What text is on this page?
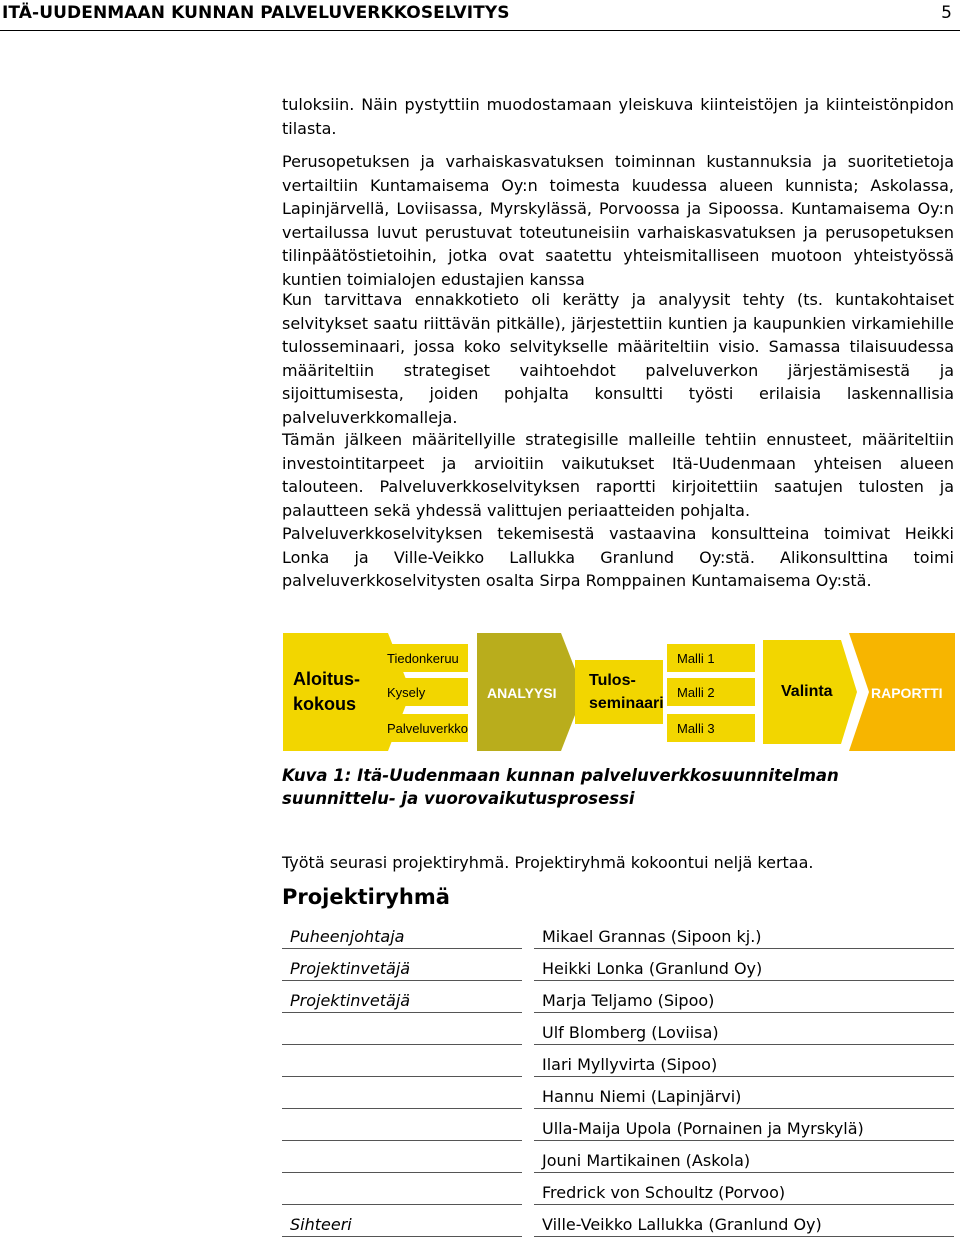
ITÄ-UUDENMAAN KUNNAN PALVELUVERKKOSELVITYS	5

tuloksiin. Näin pystyttiin muodostamaan yleiskuva kiinteistöjen ja kiinteistönpidon tilasta.

Perusopetuksen ja varhaiskasvatuksen toiminnan kustannuksia ja suoritetietoja vertailtiin Kuntamaisema Oy:n toimesta kuudessa alueen kunnista; Askolassa, Lapinjärvellä, Loviisassa, Myrskylässä, Porvoossa ja Sipoossa. Kuntamaisema Oy:n vertailussa luvut perustuvat toteutuneisiin varhaiskasvatuksen ja perusopetuksen tilinpäätöstietoihin, jotka ovat saatettu yhteismitalliseen muotoon yhteistyössä kuntien toimialojen edustajien kanssa

Kun tarvittava ennakkotieto oli kerätty ja analyysit tehty (ts. kuntakohtaiset selvitykset saatu riittävän pitkälle), järjestettiin kuntien ja kaupunkien virkamiehille tulosseminaari, jossa koko selvitykselle määriteltiin visio. Samassa tilaisuudessa määriteltiin strategiset vaihtoehdot palveluverkon järjestämisestä ja sijoittumisesta, joiden pohjalta konsultti työsti erilaisia laskennallisia palveluverkkomalleja.

Tämän jälkeen määritellyille strategisille malleille tehtiin ennusteet, määriteltiin investointitarpeet ja arvioitiin vaikutukset Itä-Uudenmaan yhteisen alueen talouteen. Palveluverkkoselvityksen raportti kirjoitettiin saatujen tulosten ja palautteen sekä yhdessä valittujen periaatteiden pohjalta.

Palveluverkkoselvityksen tekemisestä vastaavina konsultteina toimivat Heikki Lonka ja Ville-Veikko Lallukka Granlund Oy:stä. Alikonsulttina toimi palveluverkkoselvitysten osalta Sirpa Romppainen Kuntamaisema Oy:stä.

Aloitus-
kokous
Tiedonkeruu
Kysely
Palveluverkko
ANALYYSI
Tulos-
seminaari
Malli 1
Malli 2
Malli 3
Valinta	RAPORTTI

Kuva 1: Itä-Uudenmaan kunnan palveluverkkosuunnitelman suunnittelu- ja vuorovaikutusprosessi

Työtä seurasi projektiryhmä. Projektiryhmä kokoontui neljä kertaa.

Projektiryhmä
Puheenjohtaja		Mikael Grannas (Sipoon kj.)
Projektinvetäjä		Heikki Lonka (Granlund Oy)
Projektinvetäjä		Marja Teljamo (Sipoo)
		Ulf Blomberg (Loviisa)
		Ilari Myllyvirta (Sipoo)
		Hannu Niemi (Lapinjärvi)
		Ulla-Maija Upola (Pornainen ja Myrskylä)
		Jouni Martikainen (Askola)
		Fredrick von Schoultz (Porvoo)
Sihteeri		Ville-Veikko Lallukka (Granlund Oy)
